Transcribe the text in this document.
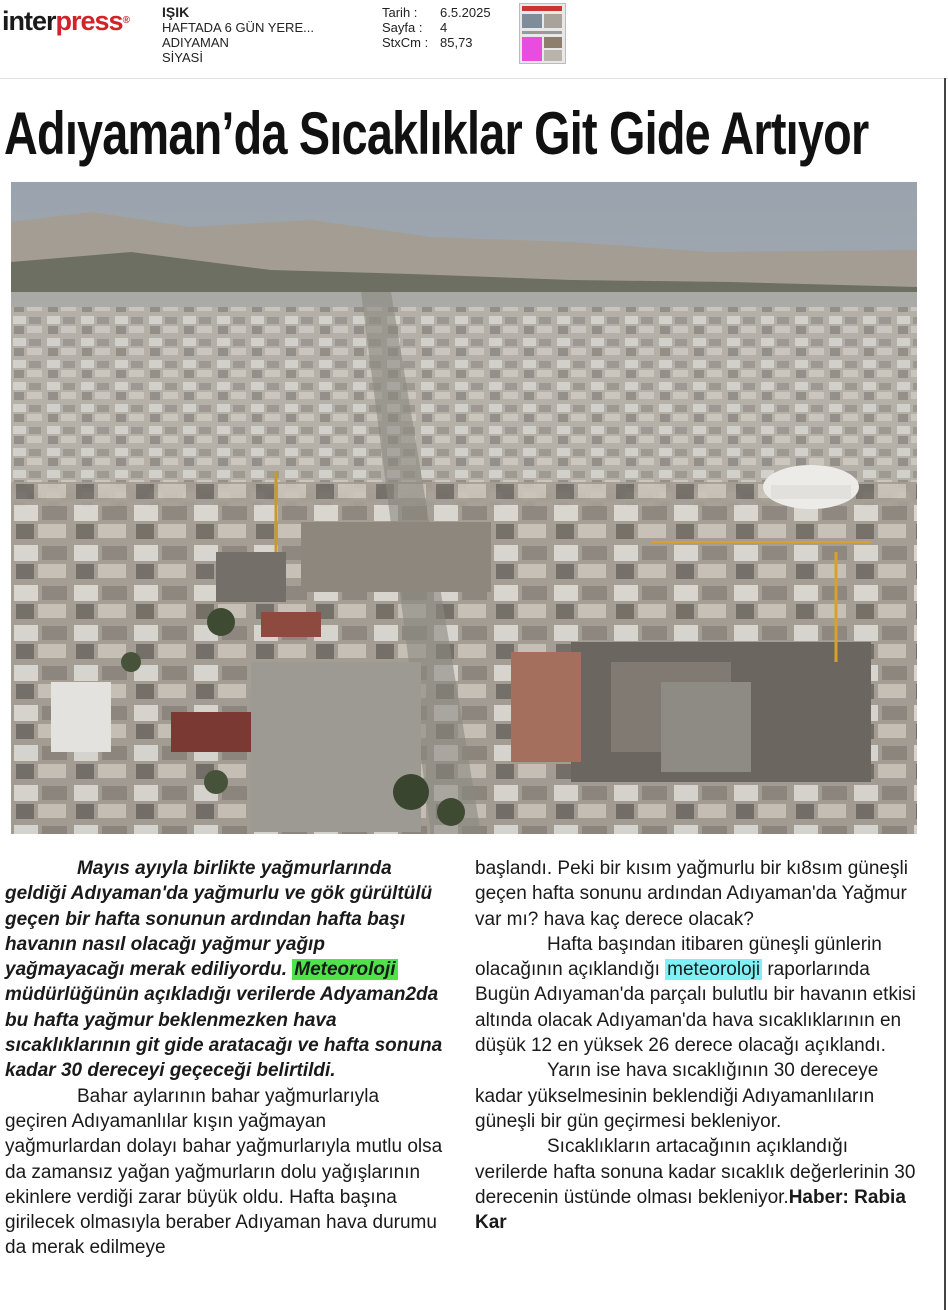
interpress®
IŞIK
HAFTADA 6 GÜN YERE...
ADIYAMAN
SİYASİ
Tarih :	6.5.2025
Sayfa :	4
StxCm : 85,73
Adıyaman’da Sıcaklıklar Git Gide Artıyor

Mayıs ayıyla birlikte yağmurlarında geldiği Adıyaman'da yağmurlu ve gök gürültülü geçen bir hafta sonunun ardından hafta başı havanın nasıl olacağı yağmur yağıp yağmayacağı merak ediliyordu. Meteoroloji müdürlüğünün açıkladığı verilerde Adyaman2da bu hafta yağmur beklenmezken hava sıcaklıklarının git gide aratacağı ve hafta sonuna kadar 30 dereceyi geçeceği belirtildi.

Bahar aylarının bahar yağmurlarıyla geçiren Adıyamanlılar kışın yağmayan yağmurlardan dolayı bahar yağmurlarıyla mutlu olsa da zamansız yağan yağmurların dolu yağışlarının ekinlere verdiği zarar büyük oldu. Hafta başına girilecek olmasıyla beraber Adıyaman hava durumu da merak edilmeye

başlandı. Peki bir kısım yağmurlu bir kı8sım güneşli geçen hafta sonunu ardından Adıyaman'da Yağmur var mı? hava kaç derece olacak?

Hafta başından itibaren güneşli günlerin olacağının açıklandığı meteoroloji raporlarında Bugün Adıyaman'da parçalı bulutlu bir havanın etkisi altında olacak Adıyaman'da hava sıcaklıklarının en düşük 12 en yüksek 26 derece olacağı açıklandı.

Yarın ise hava sıcaklığının 30 dereceye kadar yükselmesinin beklendiği Adıyamanlıların güneşli bir gün geçirmesi bekleniyor.

Sıcaklıkların artacağının açıklandığı verilerde hafta sonuna kadar sıcaklık değerlerinin 30 derecenin üstünde olması bekleniyor.Haber: Rabia Kar
